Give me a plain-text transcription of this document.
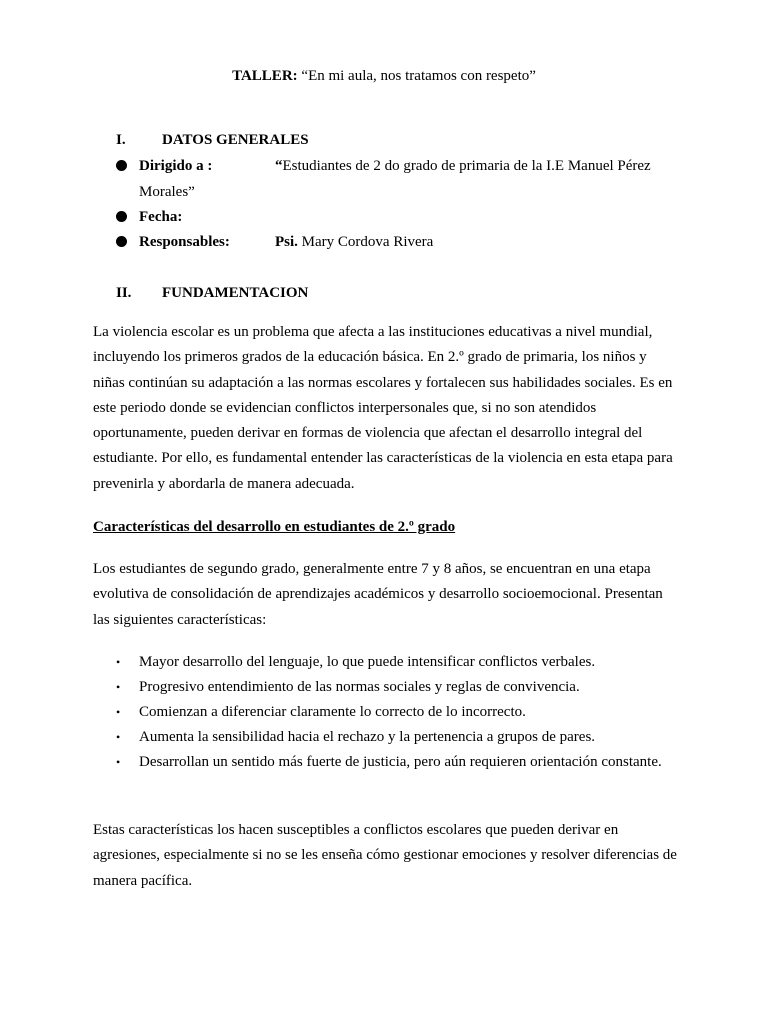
TALLER: “En mi aula, nos tratamos con respeto”
I. DATOS GENERALES
Dirigido a :	“Estudiantes de 2 do grado de primaria de la I.E Manuel Pérez
Morales”
Fecha:
Responsables:	Psi. Mary Cordova Rivera
II. FUNDAMENTACION
La violencia escolar es un problema que afecta a las instituciones educativas a nivel mundial, incluyendo los primeros grados de la educación básica. En 2.º grado de primaria, los niños y niñas continúan su adaptación a las normas escolares y fortalecen sus habilidades sociales. Es en este periodo donde se evidencian conflictos interpersonales que, si no son atendidos oportunamente, pueden derivar en formas de violencia que afectan el desarrollo integral del estudiante. Por ello, es fundamental entender las características de la violencia en esta etapa para prevenirla y abordarla de manera adecuada.
Características del desarrollo en estudiantes de 2.º grado
Los estudiantes de segundo grado, generalmente entre 7 y 8 años, se encuentran en una etapa evolutiva de consolidación de aprendizajes académicos y desarrollo socioemocional. Presentan las siguientes características:
• Mayor desarrollo del lenguaje, lo que puede intensificar conflictos verbales.
• Progresivo entendimiento de las normas sociales y reglas de convivencia.
• Comienzan a diferenciar claramente lo correcto de lo incorrecto.
• Aumenta la sensibilidad hacia el rechazo y la pertenencia a grupos de pares.
• Desarrollan un sentido más fuerte de justicia, pero aún requieren orientación constante.
Estas características los hacen susceptibles a conflictos escolares que pueden derivar en agresiones, especialmente si no se les enseña cómo gestionar emociones y resolver diferencias de manera pacífica.
